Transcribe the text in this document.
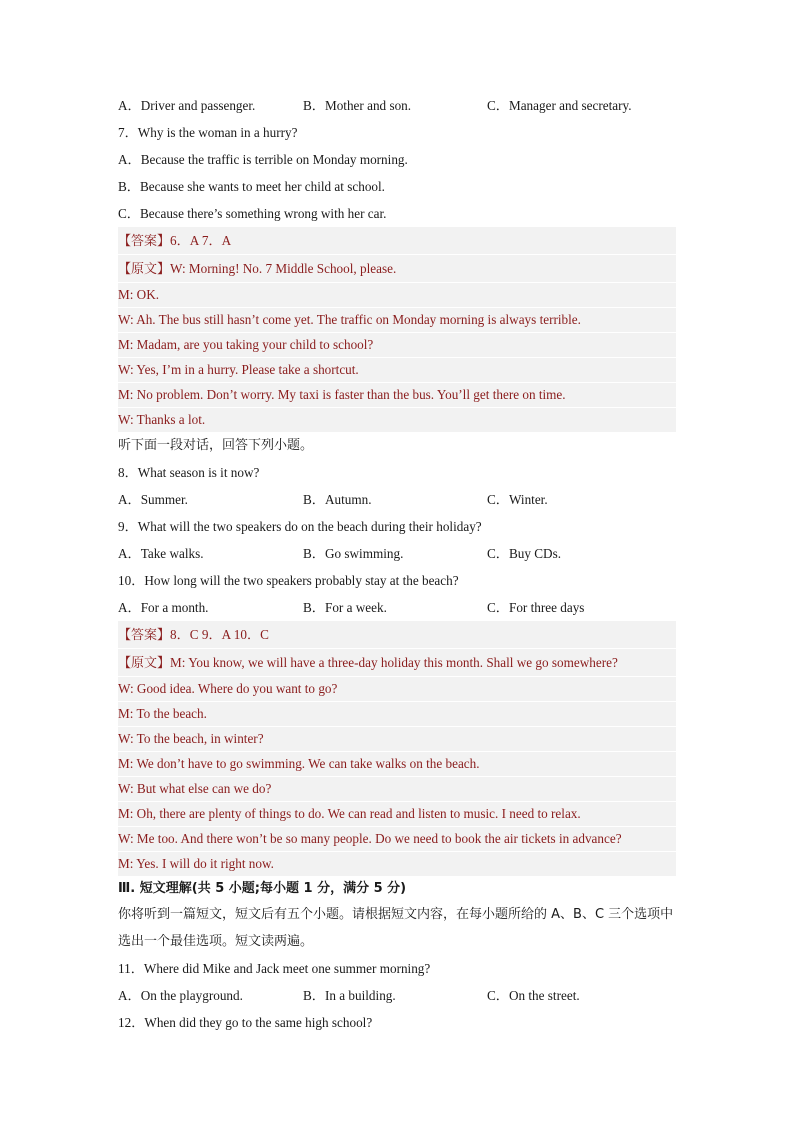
A．Driver and passenger.	B．Mother and son.	C．Manager and secretary.
7．Why is the woman in a hurry?
A．Because the traffic is terrible on Monday morning.
B．Because she wants to meet her child at school.
C．Because there’s something wrong with her car.
【答案】6．A 7．A
【原文】W: Morning! No. 7 Middle School, please.
M: OK.
W: Ah. The bus still hasn’t come yet. The traffic on Monday morning is always terrible.
M: Madam, are you taking your child to school?
W: Yes, I’m in a hurry. Please take a shortcut.
M: No problem. Don’t worry. My taxi is faster than the bus. You’ll get there on time.
W: Thanks a lot.
听下面一段对话，回答下列小题。
8．What season is it now?
A．Summer.	B．Autumn.	C．Winter.
9．What will the two speakers do on the beach during their holiday?
A．Take walks.	B．Go swimming.	C．Buy CDs.
10．How long will the two speakers probably stay at the beach?
A．For a month.	B．For a week.	C．For three days
【答案】8．C 9．A 10．C
【原文】M: You know, we will have a three-day holiday this month. Shall we go somewhere?
W: Good idea. Where do you want to go?
M: To the beach.
W: To the beach, in winter?
M: We don’t have to go swimming. We can take walks on the beach.
W: But what else can we do?
M: Oh, there are plenty of things to do. We can read and listen to music. I need to relax.
W: Me too. And there won’t be so many people. Do we need to book the air tickets in advance?
M: Yes. I will do it right now.
Ⅲ. 短文理解(共 5 小题;每小题 1 分，满分 5 分)
你将听到一篇短文，短文后有五个小题。请根据短文内容，在每小题所给的 A、B、C 三个选项中选出一个最佳选项。短文读两遍。
11．Where did Mike and Jack meet one summer morning?
A．On the playground.	B．In a building.	C．On the street.
12．When did they go to the same high school?
